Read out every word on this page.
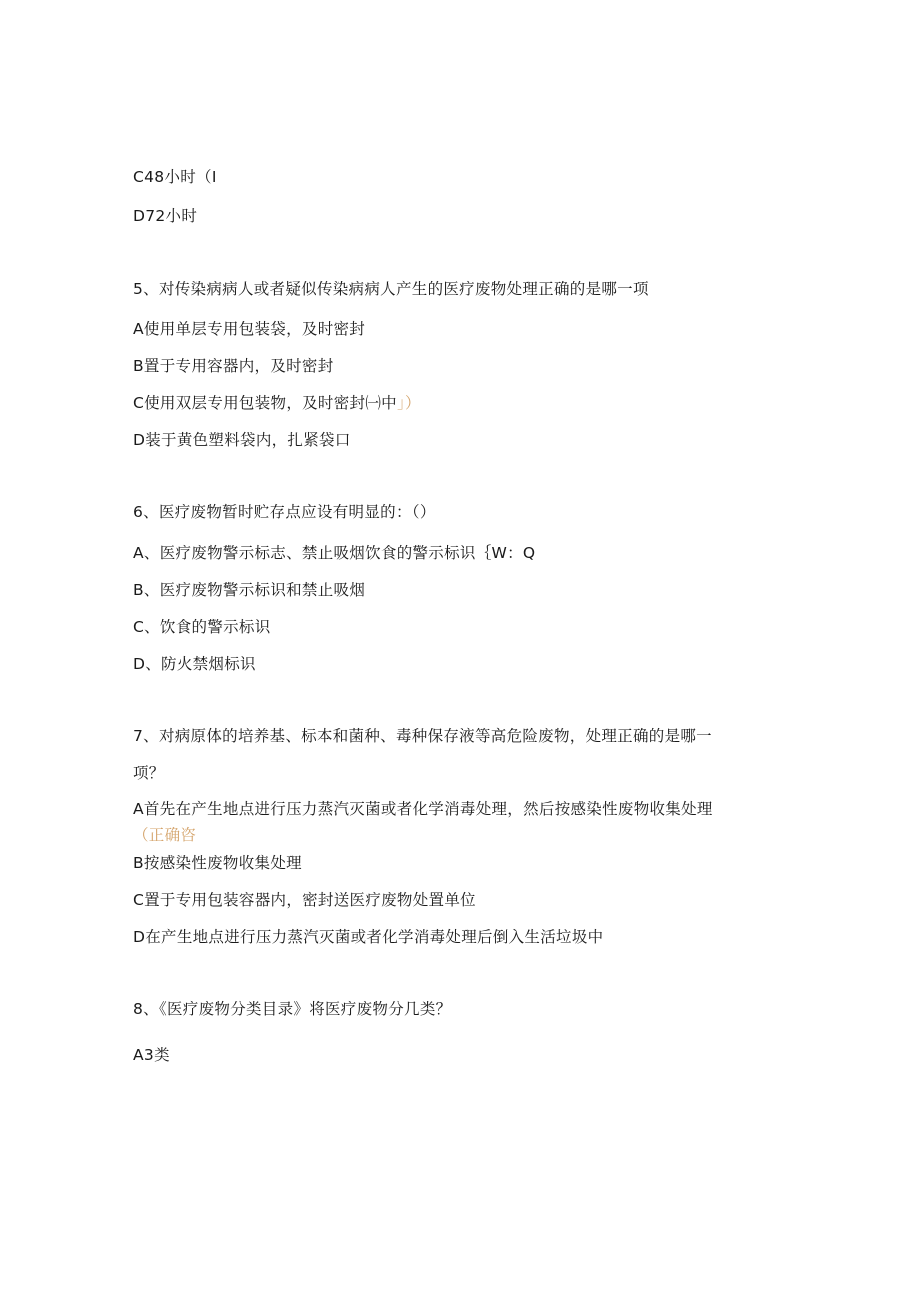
C48小时（I
D72小时
5、对传染病病人或者疑似传染病病人产生的医疗废物处理正确的是哪一项
A使用单层专用包装袋，及时密封
B置于专用容器内，及时密封
C使用双层专用包装物，及时密封㈠中」）
D装于黄色塑料袋内，扎紧袋口
6、医疗废物暂时贮存点应设有明显的：（）
A、医疗废物警示标志、禁止吸烟饮食的警示标识｛W：Q
B、医疗废物警示标识和禁止吸烟
C、饮食的警示标识
D、防火禁烟标识
7、对病原体的培养基、标本和菌种、毒种保存液等高危险废物，处理正确的是哪一
项？
A首先在产生地点进行压力蒸汽灭菌或者化学消毒处理，然后按感染性废物收集处理
（正确咨
B按感染性废物收集处理
C置于专用包装容器内，密封送医疗废物处置单位
D在产生地点进行压力蒸汽灭菌或者化学消毒处理后倒入生活垃圾中
8、《医疗废物分类目录》将医疗废物分几类？
A3类
